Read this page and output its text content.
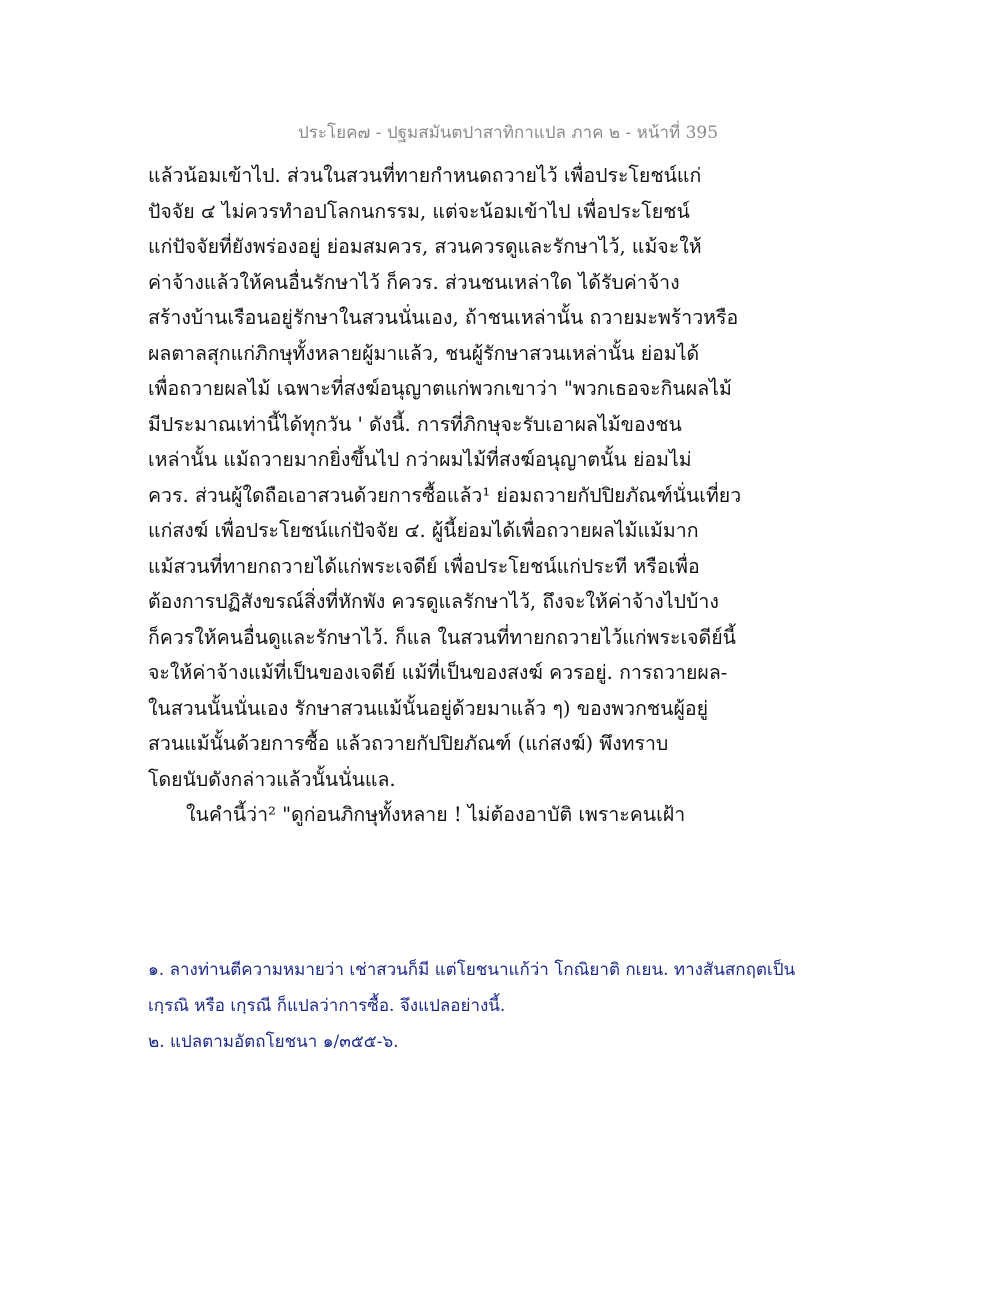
ประโยค๗ - ปฐมสมันตปาสาทิกาแปล ภาค ๒ - หน้าที่ 395
แล้วน้อมเข้าไป. ส่วนในสวนที่ทายกำหนดถวายไว้ เพื่อประโยชน์แก่
ปัจจัย ๔ ไม่ควรทำอปโลกนกรรม, แต่จะน้อมเข้าไป เพื่อประโยชน์
แก่ปัจจัยที่ยังพร่องอยู่ ย่อมสมควร, สวนควรดูและรักษาไว้, แม้จะให้
ค่าจ้างแล้วให้คนอื่นรักษาไว้ ก็ควร. ส่วนชนเหล่าใด ได้รับค่าจ้าง
สร้างบ้านเรือนอยู่รักษาในสวนนั่นเอง, ถ้าชนเหล่านั้น ถวายมะพร้าวหรือ
ผลตาลสุกแก่ภิกษุทั้งหลายผู้มาแล้ว, ชนผู้รักษาสวนเหล่านั้น ย่อมได้
เพื่อถวายผลไม้ เฉพาะที่สงฆ์อนุญาตแก่พวกเขาว่า "พวกเธอจะกินผลไม้
มีประมาณเท่านี้ได้ทุกวัน ' ดังนี้. การที่ภิกษุจะรับเอาผลไม้ของชน
เหล่านั้น แม้ถวายมากยิ่งขึ้นไป กว่าผมไม้ที่สงฆ์อนุญาตนั้น ย่อมไม่
ควร. ส่วนผู้ใดถือเอาสวนด้วยการซื้อแล้ว¹ ย่อมถวายกัปปิยภัณฑ์นั่นเที่ยว
แก่สงฆ์ เพื่อประโยชน์แก่ปัจจัย ๔. ผู้นี้ย่อมได้เพื่อถวายผลไม้แม้มาก
แม้สวนที่ทายกถวายได้แก่พระเจดีย์ เพื่อประโยชน์แก่ประที หรือเพื่อ
ต้องการปฏิสังขรณ์สิ่งที่หักพัง ควรดูแลรักษาไว้, ถึงจะให้ค่าจ้างไปบ้าง
ก็ควรให้คนอื่นดูและรักษาไว้. ก็แล ในสวนที่ทายกถวายไว้แก่พระเจดีย์นี้
จะให้ค่าจ้างแม้ที่เป็นของเจดีย์ แม้ที่เป็นของสงฆ์ ควรอยู่. การถวายผล-
ในสวนนั้นนั่นเอง รักษาสวนแม้นั้นอยู่ด้วยมาแล้ว ๆ) ของพวกชนผู้อยู่
สวนแม้นั้นด้วยการซื้อ แล้วถวายกัปปิยภัณฑ์ (แก่สงฆ์) พึงทราบ
โดยนับดังกล่าวแล้วนั้นนั่นแล.
ในคำนี้ว่า² "ดูก่อนภิกษุทั้งหลาย ! ไม่ต้องอาบัติ เพราะคนเฝ้า
๑. ลางท่านตีความหมายว่า เช่าสวนก็มี แต่โยชนาแก้ว่า โกณิยาติ กเยน. ทางสันสกฤตเป็น
เกฺรณิ หรือ เกฺรณี ก็แปลว่าการซื้อ. จึงแปลอย่างนี้.
๒. แปลตามอัตถโยชนา ๑/๓๕๕-๖.
